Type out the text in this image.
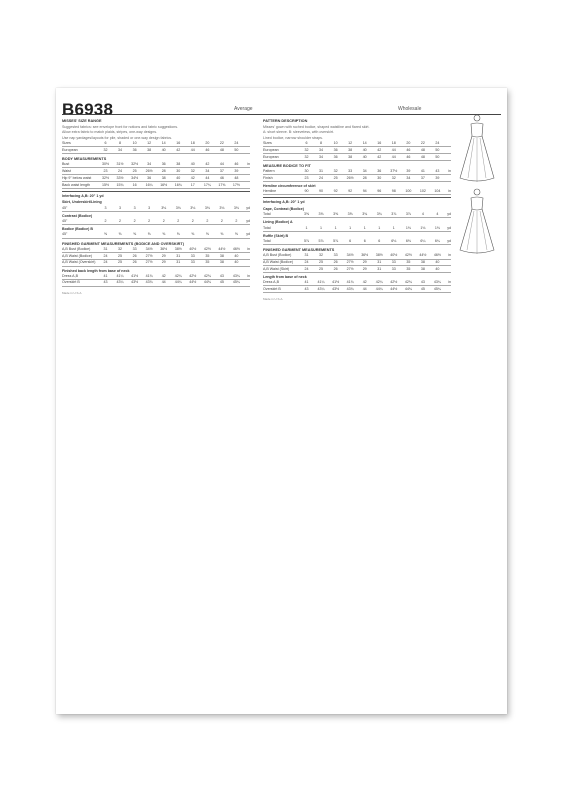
B6938	Average	Wholesale
MISSES' SIZE RANGE
Suggested fabrics: see envelope front for notions and fabric suggestions.
Allow extra fabric to match plaids, stripes, one-way designs.
Use nap yardages/layouts for pile, shaded or one-way design fabrics.
Sizes	6	8	10	12	14	16	18	20	22	24
European	32	34	36	38	40	42	44	46	48	50
BODY MEASUREMENTS
Bust	30½	31½	32½	34	36	38	40	42	44	46	in
Waist	23	24	25	26½	28	30	32	34	37	39
Hip 9" below waist	32½	33½	34½	36	38	40	42	44	46	48
Back waist length	15½	15¾	16	16¼	16½	16¾	17	17¼	17⅜	17½
Interfacing A,B: 20" 1 yd
Skirt, Underskirt/Lining
45"	3	3	3	3	3⅛	3⅛	3⅛	3⅛	3⅛	3⅛	yd
Contrast (Bodice)
45"	2	2	2	2	2	2	2	2	2	2	yd
Bodice (Bodice) B
45"	⅝	⅝	⅝	⅝	⅝	⅝	⅝	⅝	⅝	⅝	yd
FINISHED GARMENT MEASUREMENTS (BODICE AND OVERSKIRT)
A,B Bust (Bodice)	31	32	33	34½	36½	38½	40½	42½	44½	46½	in
A,B Waist (Bodice)	24	25	26	27½	29	31	33	35	38	40
A,B Waist (Overskirt)	24	25	26	27½	29	31	33	35	38	40
Finished back length from base of neck
Dress A,B	41	41¼	41½	41¾	42	42¼	42½	42¾	43	43¼	in
Overskirt B	43	43¼	43½	43¾	44	44¼	44½	44¾	45	45¼
Made in U.S.A.
PATTERN DESCRIPTION
Misses' gown with ruched bodice, shaped waistline and flared skirt.
A: short sleeve. B: sleeveless, with overskirt.
Lined bodice, narrow shoulder straps.
Sizes	6	8	10	12	14	16	18	20	22	24
European	32	34	36	38	40	42	44	46	48	50
European	32	34	36	38	40	42	44	46	48	50
MEASURE BODICE TO FIT
Pattern	30	31	32	33	34	36	37½	39	41	43	in
Finish	23	24	25	26½	28	30	32	34	37	39
Hemline circumference of skirt
Hemline	90	90	92	92	94	96	98	100	102	104	in
Interfacing A,B: 20" 1 yd
Cape, Contrast (Bodice)
Total	3⅝	3⅝	3⅝	3⅝	3¾	3¾	3⅞	3⅞	4	4	yd
Lining (Bodice) A
Total	1	1	1	1	1	1	1	1⅛	1⅛	1⅛	yd
Ruffle (Skirt) B
Total	5⅞	5⅞	5⅞	6	6	6	6⅛	6⅛	6¼	6¼	yd
FINISHED GARMENT MEASUREMENTS
A,B Bust (Bodice)	31	32	33	34½	36½	38½	40½	42½	44½	46½	in
A,B Waist (Bodice)	24	25	26	27½	29	31	33	35	38	40
A,B Waist (Skirt)	24	25	26	27½	29	31	33	35	38	40
Length from base of neck
Dress A,B	41	41¼	41½	41¾	42	42¼	42½	42¾	43	43¼	in
Overskirt B	43	43¼	43½	43¾	44	44¼	44½	44¾	45	45¼
Made in U.S.A.
